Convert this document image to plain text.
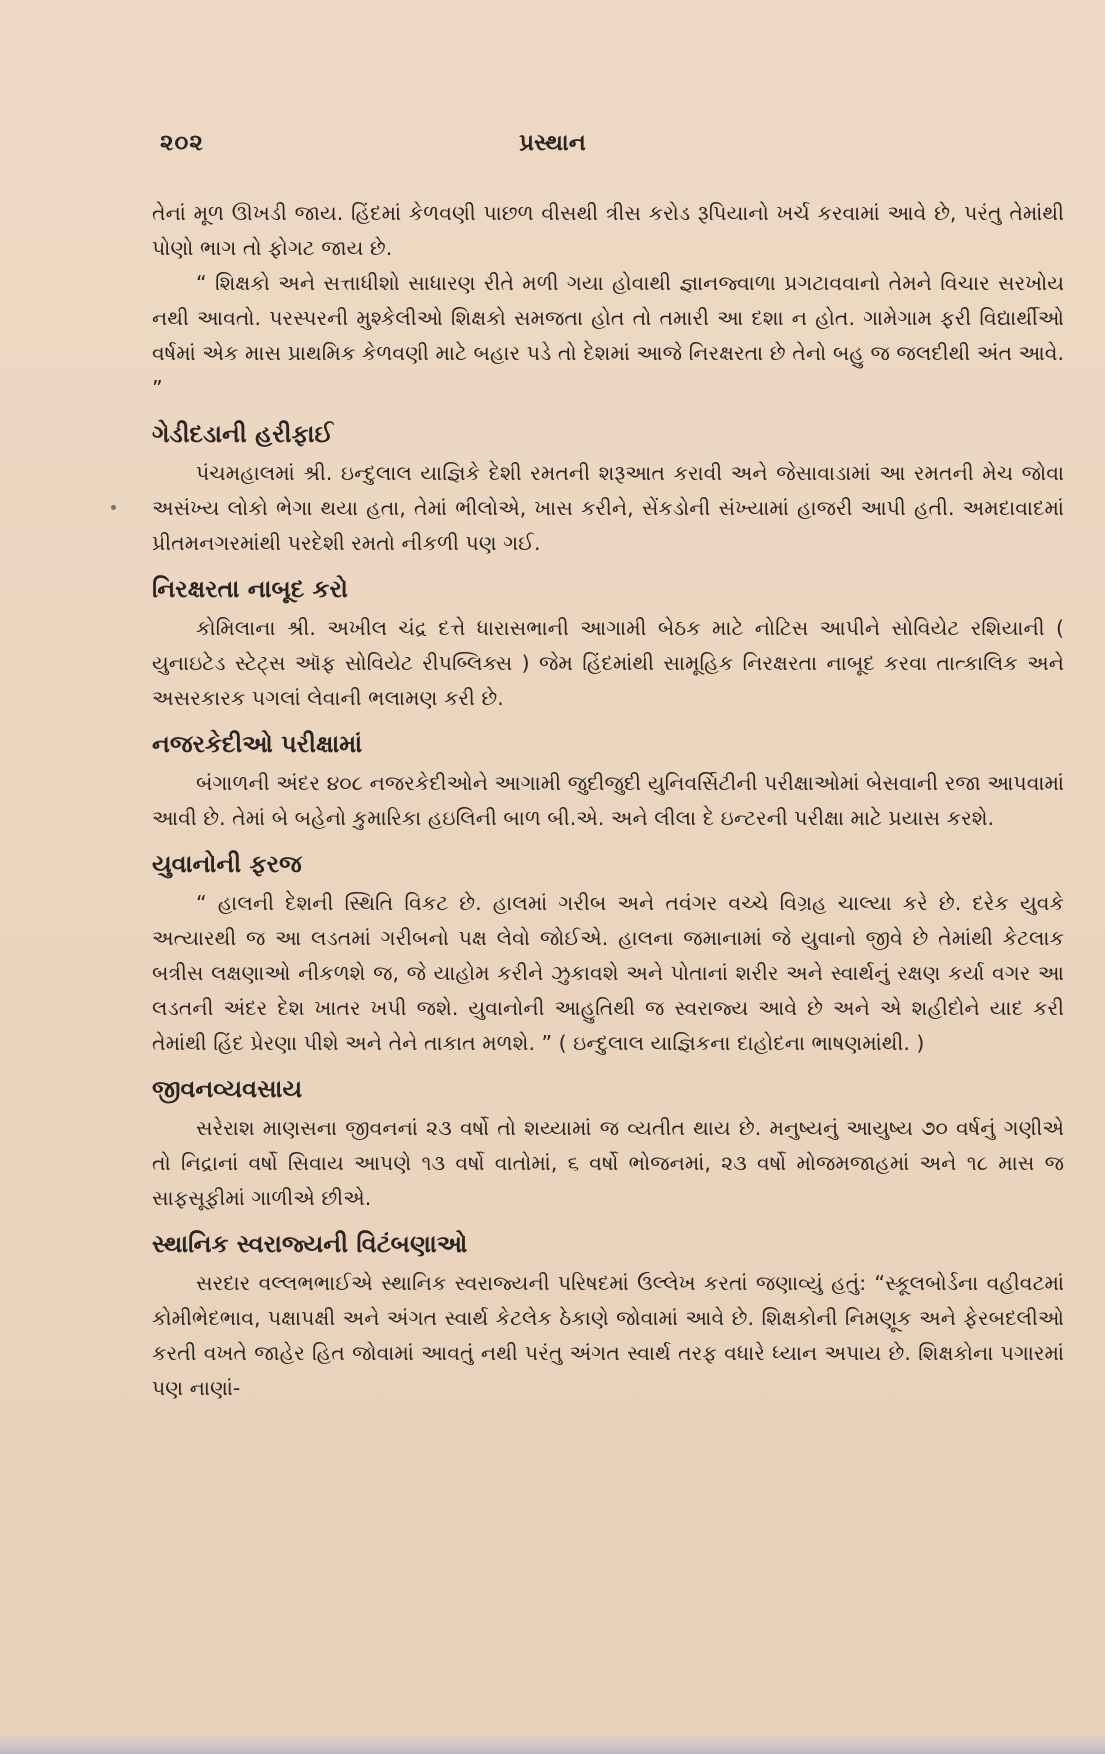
૨૦૨	પ્રસ્થાન

તેનાં મૂળ ઊખડી જાય. હિંદમાં કેળવણી પાછળ વીસથી ત્રીસ કરોડ રૂપિયાનો ખર્ચ કરવામાં આવે છે, પરંતુ તેમાંથી પોણો ભાગ તો ફોગટ જાય છે.

“ શિક્ષકો અને સત્તાધીશો સાધારણ રીતે મળી ગયા હોવાથી જ્ઞાનજ્વાળા પ્રગટાવવાનો તેમને વિચાર સરખોય નથી આવતો. પરસ્પરની મુશ્કેલીઓ શિક્ષકો સમજતા હોત તો તમારી આ દશા ન હોત. ગામેગામ ફરી વિદ્યાર્થીઓ વર્ષમાં એક માસ પ્રાથમિક કેળવણી માટે બહાર પડે તો દેશમાં આજે નિરક્ષરતા છે તેનો બહુ જ જલદીથી અંત આવે. ”

ગેડીદડાની હરીફાઈ

પંચમહાલમાં શ્રી. ઇન્દુલાલ યાજ્ઞિકે દેશી રમતની શરૂઆત કરાવી અને જેસાવાડામાં આ રમતની મેચ જોવા અસંખ્ય લોકો ભેગા થયા હતા, તેમાં ભીલોએ, ખાસ કરીને, સેંકડોની સંખ્યામાં હાજરી આપી હતી. અમદાવાદમાં પ્રીતમનગરમાંથી પરદેશી રમતો નીકળી પણ ગઈ.

નિરક્ષરતા નાબૂદ કરો

કોમિલાના શ્રી. અખીલ ચંદ્ર દત્તે ધારાસભાની આગામી બેઠક માટે નોટિસ આપીને સોવિયેટ રશિયાની ( યુનાઇટેડ સ્ટેટ્સ ઑફ સોવિયેટ રીપબ્લિક્સ ) જેમ હિંદમાંથી સામૂહિક નિરક્ષરતા નાબૂદ કરવા તાત્કાલિક અને અસરકારક પગલાં લેવાની ભલામણ કરી છે.

નજરકેદીઓ પરીક્ષામાં

બંગાળની અંદર ૪૦૮ નજરકેદીઓને આગામી જુદીજુદી યુનિવર્સિટીની પરીક્ષાઓમાં બેસવાની રજા આપવામાં આવી છે. તેમાં બે બહેનો કુમારિકા હઇલિની બાળ બી.એ. અને લીલા દે ઇન્ટરની પરીક્ષા માટે પ્રયાસ કરશે.

યુવાનોની ફરજ

“ હાલની દેશની સ્થિતિ વિકટ છે. હાલમાં ગરીબ અને તવંગર વચ્ચે વિગ્રહ ચાલ્યા કરે છે. દરેક યુવકે અત્યારથી જ આ લડતમાં ગરીબનો પક્ષ લેવો જોઈએ. હાલના જમાનામાં જે યુવાનો જીવે છે તેમાંથી કેટલાક બત્રીસ લક્ષણાઓ નીકળશે જ, જે યાહોમ કરીને ઝુકાવશે અને પોતાનાં શરીર અને સ્વાર્થનું રક્ષણ કર્યા વગર આ લડતની અંદર દેશ ખાતર ખપી જશે. યુવાનોની આહુતિથી જ સ્વરાજ્ય આવે છે અને એ શહીદોને યાદ કરી તેમાંથી હિંદ પ્રેરણા પીશે અને તેને તાકાત મળશે. ” ( ઇન્દુલાલ યાજ્ઞિકના દાહોદના ભાષણમાંથી. )

જીવનવ્યવસાય

સરેરાશ માણસના જીવનનાં ૨૩ વર્ષો તો શય્યામાં જ વ્યતીત થાય છે. મનુષ્યનું આયુષ્ય ૭૦ વર્ષનું ગણીએ તો નિદ્રાનાં વર્ષો સિવાય આપણે ૧૩ વર્ષો વાતોમાં, ૬ વર્ષો ભોજનમાં, ૨૩ વર્ષો મોજમજાહમાં અને ૧૮ માસ જ સાફસૂફીમાં ગાળીએ છીએ.

સ્થાનિક સ્વરાજ્યની વિટંબણાઓ

સરદાર વલ્લભભાઈએ સ્થાનિક સ્વરાજ્યની પરિષદમાં ઉલ્લેખ કરતાં જણાવ્યું હતું: “સ્કૂલબોર્ડના વહીવટમાં કોમીભેદભાવ, પક્ષાપક્ષી અને અંગત સ્વાર્થ કેટલેક ઠેકાણે જોવામાં આવે છે. શિક્ષકોની નિમણૂક અને ફેરબદલીઓ કરતી વખતે જાહેર હિત જોવામાં આવતું નથી પરંતુ અંગત સ્વાર્થ તરફ વધારે ધ્યાન અપાય છે. શિક્ષકોના પગારમાં પણ નાણાં-
